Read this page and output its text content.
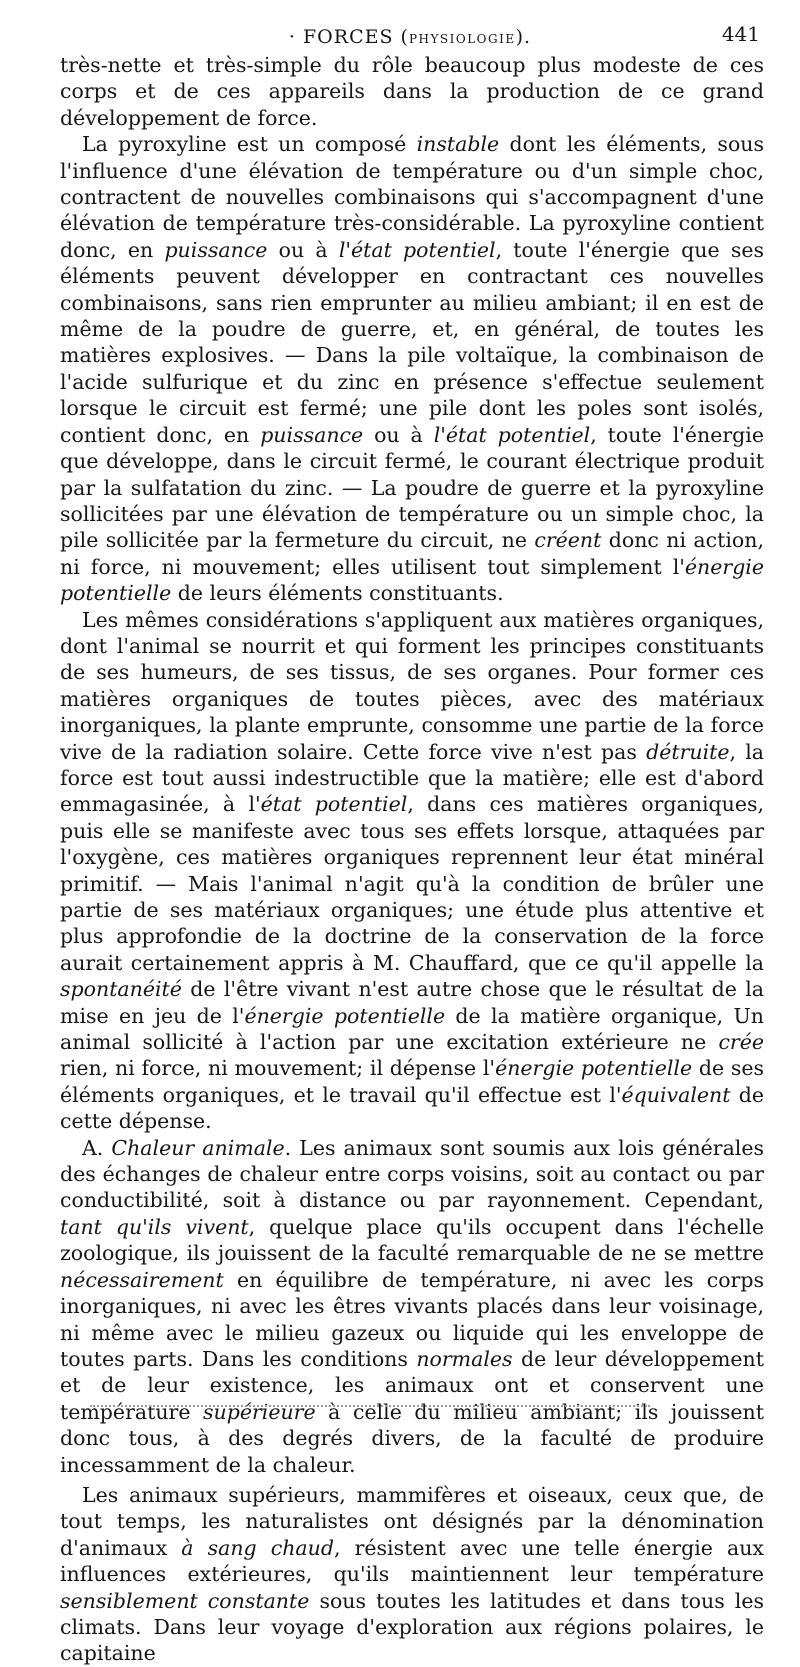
· FORCES (PHYSIOLOGIE).	441

très-nette et très-simple du rôle beaucoup plus modeste de ces corps et de ces appareils dans la production de ce grand développement de force.

La pyroxyline est un composé instable dont les éléments, sous l'influence d'une élévation de température ou d'un simple choc, contractent de nouvelles combinaisons qui s'accompagnent d'une élévation de température très-considérable. La pyroxyline contient donc, en puissance ou à l'état potentiel, toute l'énergie que ses éléments peuvent développer en contractant ces nouvelles combinaisons, sans rien emprunter au milieu ambiant; il en est de même de la poudre de guerre, et, en général, de toutes les matières explosives. — Dans la pile voltaïque, la combinaison de l'acide sulfurique et du zinc en présence s'effectue seulement lorsque le circuit est fermé; une pile dont les poles sont isolés, contient donc, en puissance ou à l'état potentiel, toute l'énergie que développe, dans le circuit fermé, le courant électrique produit par la sulfatation du zinc. — La poudre de guerre et la pyroxyline sollicitées par une élévation de température ou un simple choc, la pile sollicitée par la fermeture du circuit, ne créent donc ni action, ni force, ni mouvement; elles utilisent tout simplement l'énergie potentielle de leurs éléments constituants.

Les mêmes considérations s'appliquent aux matières organiques, dont l'animal se nourrit et qui forment les principes constituants de ses humeurs, de ses tissus, de ses organes. Pour former ces matières organiques de toutes pièces, avec des matériaux inorganiques, la plante emprunte, consomme une partie de la force vive de la radiation solaire. Cette force vive n'est pas détruite, la force est tout aussi indestructible que la matière; elle est d'abord emmagasinée, à l'état potentiel, dans ces matières organiques, puis elle se manifeste avec tous ses effets lorsque, attaquées par l'oxygène, ces matières organiques reprennent leur état minéral primitif. — Mais l'animal n'agit qu'à la condition de brûler une partie de ses matériaux organiques; une étude plus attentive et plus approfondie de la doctrine de la conservation de la force aurait certainement appris à M. Chauffard, que ce qu'il appelle la spontanéité de l'être vivant n'est autre chose que le résultat de la mise en jeu de l'énergie potentielle de la matière organique, Un animal sollicité à l'action par une excitation extérieure ne crée rien, ni force, ni mouvement; il dépense l'énergie potentielle de ses éléments organiques, et le travail qu'il effectue est l'équivalent de cette dépense.

A. Chaleur animale. Les animaux sont soumis aux lois générales des échanges de chaleur entre corps voisins, soit au contact ou par conductibilité, soit à distance ou par rayonnement. Cependant, tant qu'ils vivent, quelque place qu'ils occupent dans l'échelle zoologique, ils jouissent de la faculté remarquable de ne se mettre nécessairement en équilibre de température, ni avec les corps inorganiques, ni avec les êtres vivants placés dans leur voisinage, ni même avec le milieu gazeux ou liquide qui les enveloppe de toutes parts. Dans les conditions normales de leur développement et de leur existence, les animaux ont et conservent une température supérieure à celle du milieu ambiant; ils jouissent donc tous, à des degrés divers, de la faculté de produire incessamment de la chaleur.

Les animaux supérieurs, mammifères et oiseaux, ceux que, de tout temps, les naturalistes ont désignés par la dénomination d'animaux à sang chaud, résistent avec une telle énergie aux influences extérieures, qu'ils maintiennent leur température sensiblement constante sous toutes les latitudes et dans tous les climats. Dans leur voyage d'exploration aux régions polaires, le capitaine
